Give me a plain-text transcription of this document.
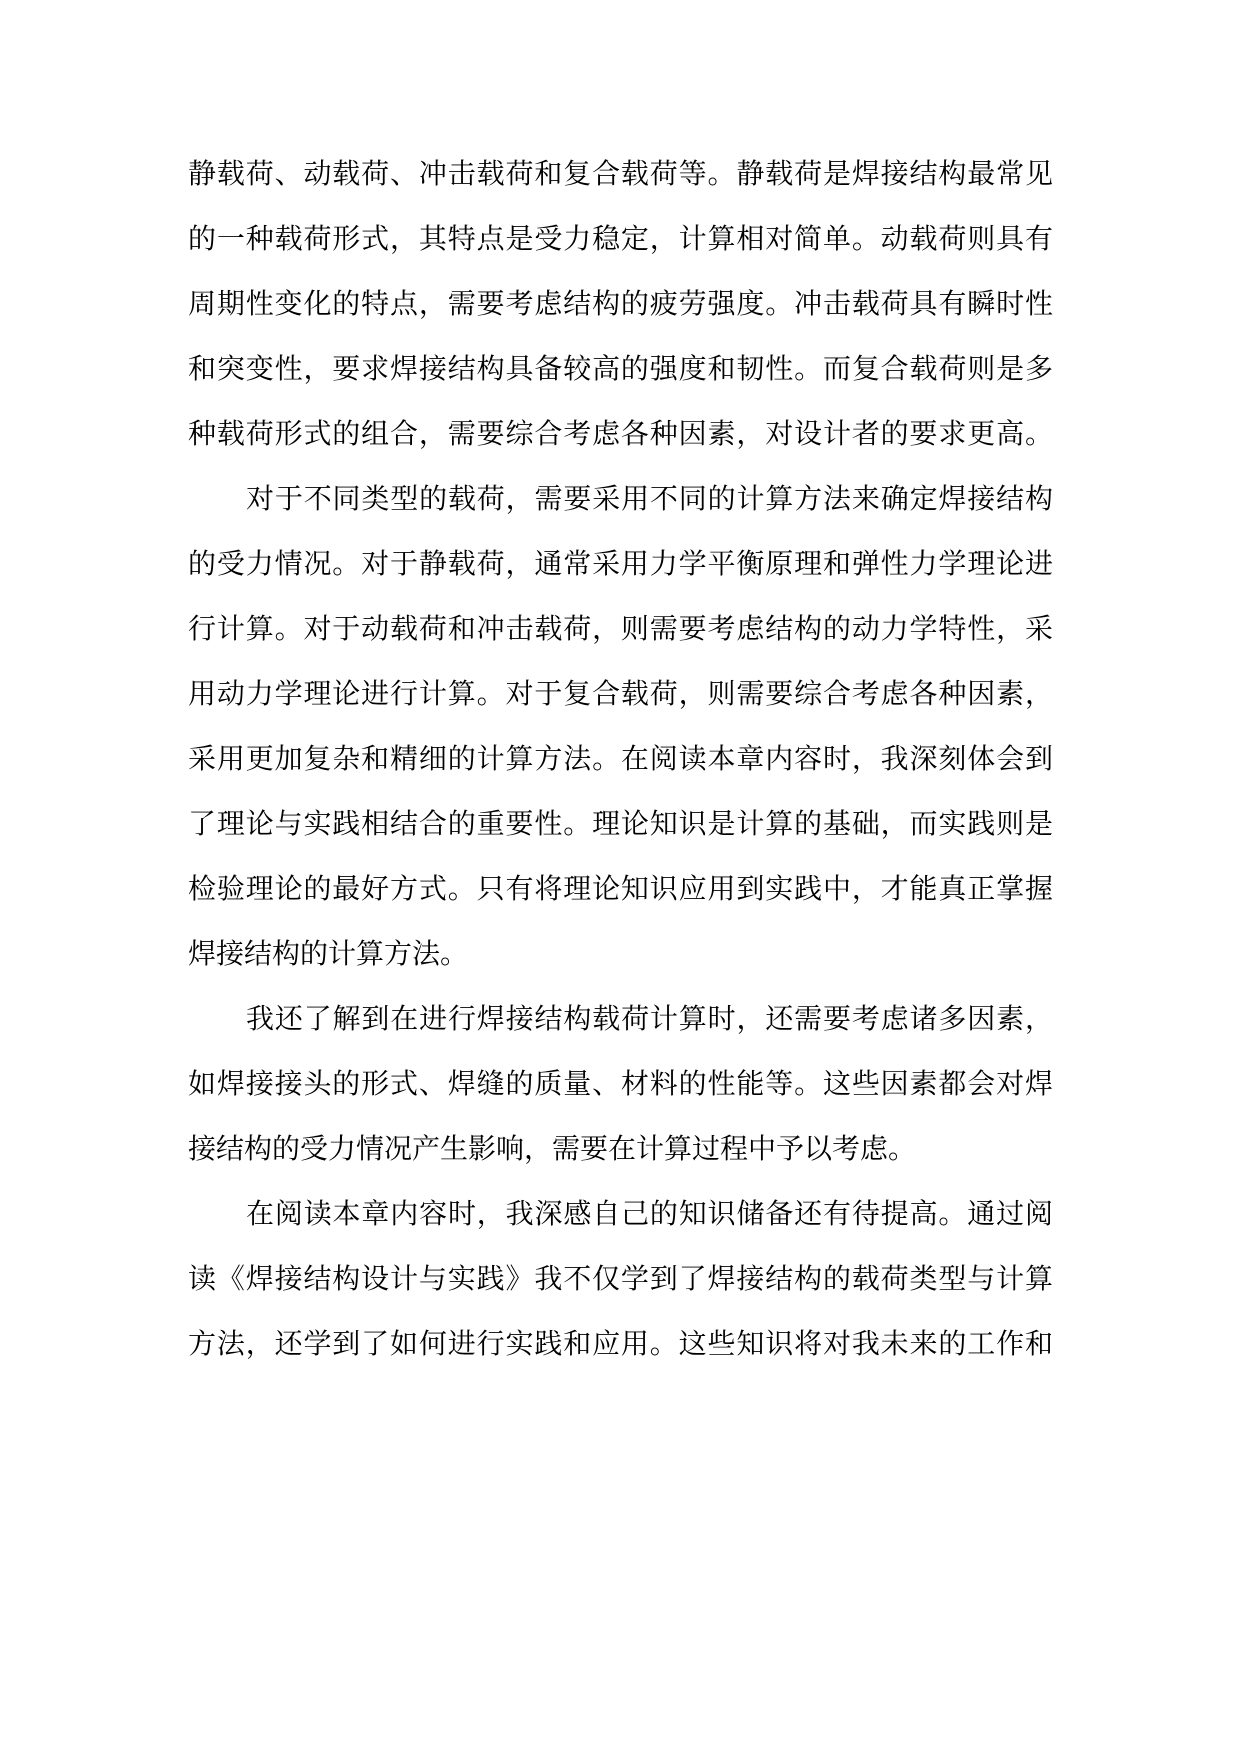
静载荷、动载荷、冲击载荷和复合载荷等。静载荷是焊接结构最常见
的一种载荷形式，其特点是受力稳定，计算相对简单。动载荷则具有
周期性变化的特点，需要考虑结构的疲劳强度。冲击载荷具有瞬时性
和突变性，要求焊接结构具备较高的强度和韧性。而复合载荷则是多
种载荷形式的组合，需要综合考虑各种因素，对设计者的要求更高。
对于不同类型的载荷，需要采用不同的计算方法来确定焊接结构
的受力情况。对于静载荷，通常采用力学平衡原理和弹性力学理论进
行计算。对于动载荷和冲击载荷，则需要考虑结构的动力学特性，采
用动力学理论进行计算。对于复合载荷，则需要综合考虑各种因素，
采用更加复杂和精细的计算方法。在阅读本章内容时，我深刻体会到
了理论与实践相结合的重要性。理论知识是计算的基础，而实践则是
检验理论的最好方式。只有将理论知识应用到实践中，才能真正掌握
焊接结构的计算方法。
我还了解到在进行焊接结构载荷计算时，还需要考虑诸多因素，
如焊接接头的形式、焊缝的质量、材料的性能等。这些因素都会对焊
接结构的受力情况产生影响，需要在计算过程中予以考虑。
在阅读本章内容时，我深感自己的知识储备还有待提高。通过阅
读《焊接结构设计与实践》我不仅学到了焊接结构的载荷类型与计算
方法，还学到了如何进行实践和应用。这些知识将对我未来的工作和
